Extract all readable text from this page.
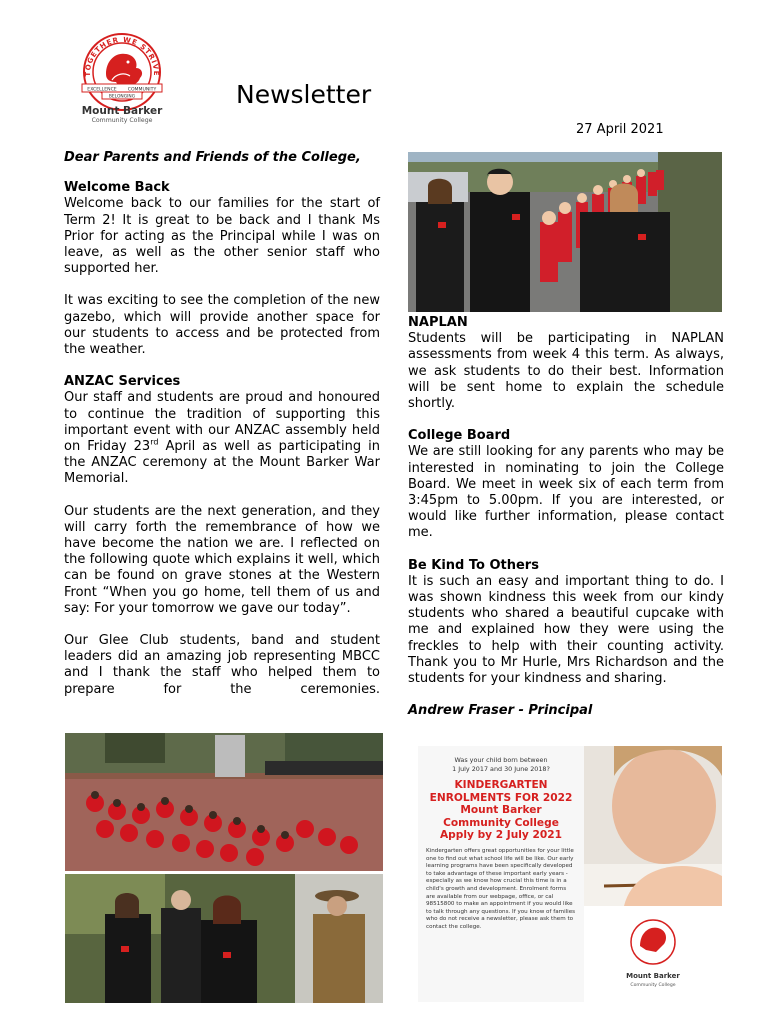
TOGETHER WE STRIVE
EXCELLENCE COMMUNITY
BELONGING
Mount Barker
Community College
Newsletter
27 April 2021

Dear Parents and Friends of the College,

Welcome Back

Welcome back to our families for the start of Term 2! It is great to be back and I thank Ms Prior for acting as the Principal while I was on leave, as well as the other senior staff who supported her.

It was exciting to see the completion of the new gazebo, which will provide another space for our students to access and be protected from the weather.

ANZAC Services

Our staff and students are proud and honoured to continue the tradition of supporting this important event with our ANZAC assembly held on Friday 23rd April as well as participating in the ANZAC ceremony at the Mount Barker War Memorial.

Our students are the next generation, and they will carry forth the remembrance of how we have become the nation we are. I reflected on the following quote which explains it well, which can be found on grave stones at the Western Front “When you go home, tell them of us and say: For your tomorrow we gave our today”.

Our Glee Club students, band and student leaders did an amazing job representing MBCC and I thank the staff who helped them to prepare for the ceremonies.

NAPLAN

Students will be participating in NAPLAN assessments from week 4 this term. As always, we ask students to do their best. Information will be sent home to explain the schedule shortly.

College Board

We are still looking for any parents who may be interested in nominating to join the College Board. We meet in week six of each term from 3:45pm to 5.00pm. If you are interested, or would like further information, please contact me.

Be Kind To Others

It is such an easy and important thing to do. I was shown kindness this week from our kindy students who shared a beautiful cupcake with me and explained how they were using the freckles to help with their counting activity. Thank you to Mr Hurle, Mrs Richardson and the students for your kindness and sharing.

Andrew Fraser - Principal

Was your child born between
1 July 2017 and 30 June 2018?
KINDERGARTEN
ENROLMENTS FOR 2022
Mount Barker
Community College
Apply by 2 July 2021
Kindergarten offers great opportunities for your little one to find out what school life will be like. Our early learning programs have been specifically developed to take advantage of these important early years - especially as we know how crucial this time is in a child's growth and development. Enrolment forms are available from our webpage, office, or cal 98515800 to make an appointment if you would like to talk through any questions. If you know of families who do not receive a newsletter, please ask them to contact the college.
Mount Barker
Community College
